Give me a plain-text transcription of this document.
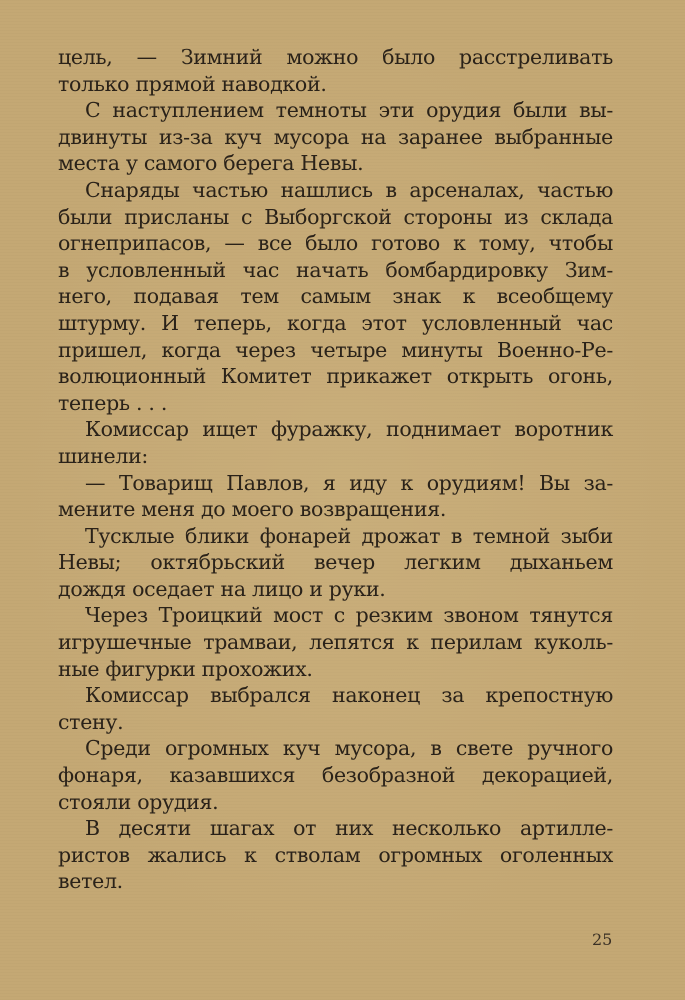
цель, — Зимний можно было расстреливать
только прямой наводкой.
С наступлением темноты эти орудия были вы-
двинуты из-за куч мусора на заранее выбранные
места у самого берега Невы.
Снаряды частью нашлись в арсеналах, частью
были присланы с Выборгской стороны из склада
огнеприпасов, — все было готово к тому, чтобы
в условленный час начать бомбардировку Зим-
него, подавая тем самым знак к всеобщему
штурму. И теперь, когда этот условленный час
пришел, когда через четыре минуты Военно-Ре-
волюционный Комитет прикажет открыть огонь,
теперь . . .
Комиссар ищет фуражку, поднимает воротник
шинели:
— Товарищ Павлов, я иду к орудиям! Вы за-
мените меня до моего возвращения.
Тусклые блики фонарей дрожат в темной зыби
Невы; октябрьский вечер легким дыханьем
дождя оседает на лицо и руки.
Через Троицкий мост с резким звоном тянутся
игрушечные трамваи, лепятся к перилам куколь-
ные фигурки прохожих.
Комиссар выбрался наконец за крепостную
стену.
Среди огромных куч мусора, в свете ручного
фонаря, казавшихся безобразной декорацией,
стояли орудия.
В десяти шагах от них несколько артилле-
ристов жались к стволам огромных оголенных
ветел.
25
